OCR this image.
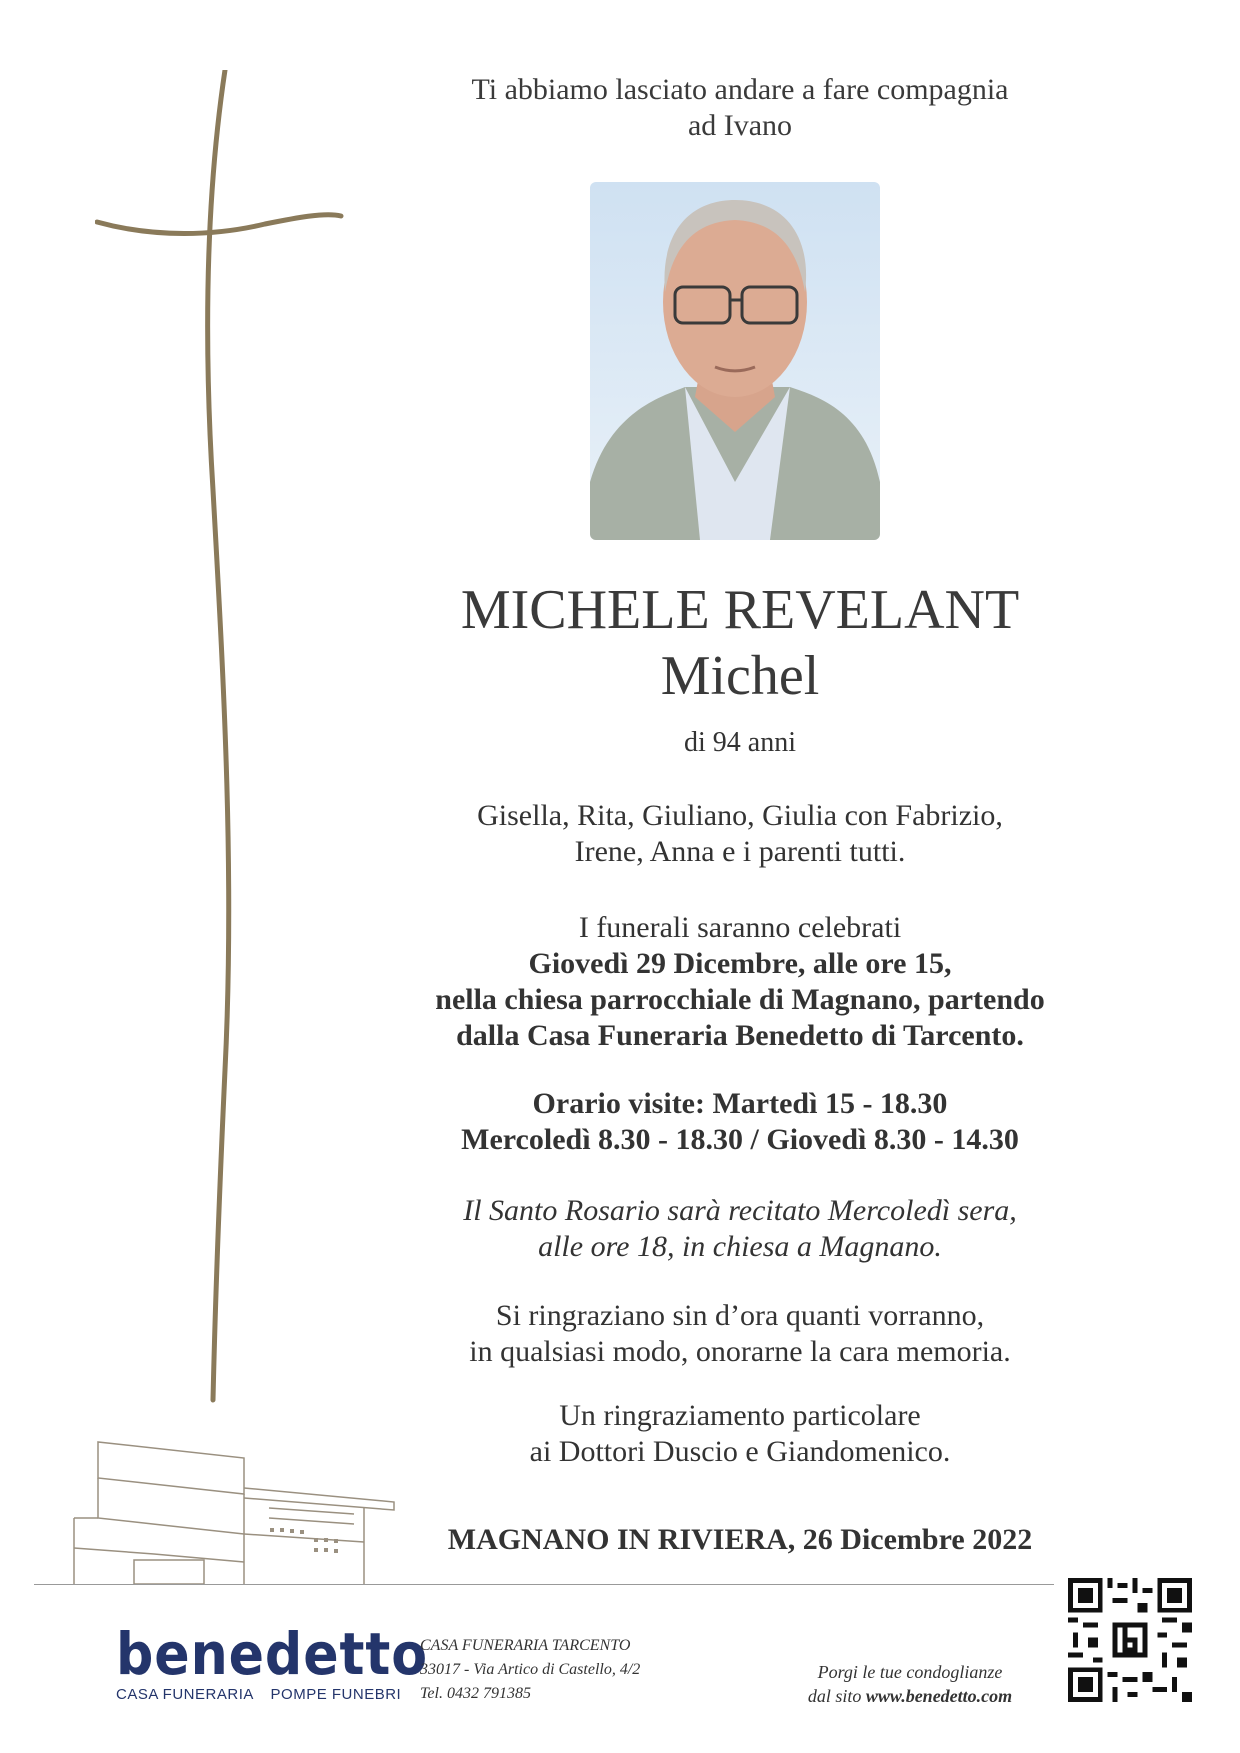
Ti abbiamo lasciato andare a fare compagnia
ad Ivano
MICHELE REVELANT
Michel
di 94 anni
Gisella, Rita, Giuliano, Giulia con Fabrizio,
Irene, Anna e i parenti tutti.
I funerali saranno celebrati
Giovedì 29 Dicembre, alle ore 15,
nella chiesa parrocchiale di Magnano, partendo
dalla Casa Funeraria Benedetto di Tarcento.
Orario visite: Martedì 15 - 18.30
Mercoledì 8.30 - 18.30 / Giovedì 8.30 - 14.30
Il Santo Rosario sarà recitato Mercoledì sera,
alle ore 18, in chiesa a Magnano.
Si ringraziano sin d’ora quanti vorranno,
in qualsiasi modo, onorarne la cara memoria.
Un ringraziamento particolare
ai Dottori Duscio e Giandomenico.
MAGNANO IN RIVIERA, 26 Dicembre 2022
benedetto
CASA FUNERARIA POMPE FUNEBRI
CASA FUNERARIA TARCENTO
33017 - Via Artico di Castello, 4/2
Tel. 0432 791385
Porgi le tue condoglianze
dal sito www.benedetto.com
